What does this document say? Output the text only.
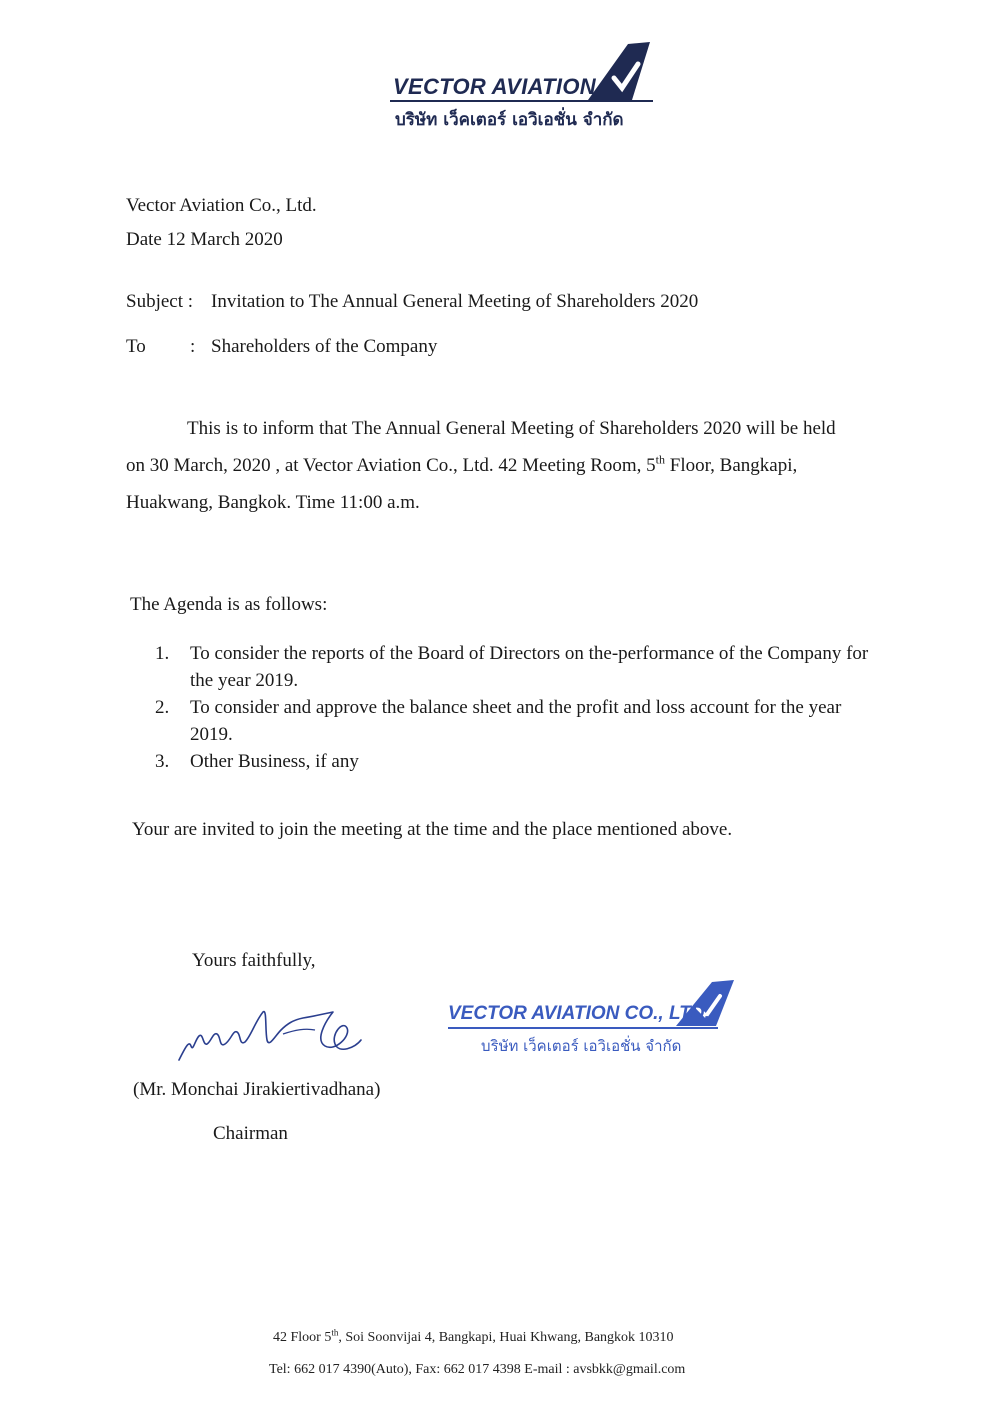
VECTOR AVIATION
บริษัท เว็คเตอร์ เอวิเอชั่น จำกัด
Vector Aviation Co., Ltd.
Date 12 March 2020
Subject : Invitation to The Annual General Meeting of Shareholders 2020
To : Shareholders of the Company
This is to inform that The Annual General Meeting of Shareholders 2020 will be held
on 30 March, 2020 , at Vector Aviation Co., Ltd. 42 Meeting Room, 5th Floor, Bangkapi,
Huakwang, Bangkok. Time 11:00 a.m.
The Agenda is as follows:
1. To consider the reports of the Board of Directors on the-performance of the Company for the year 2019.
2. To consider and approve the balance sheet and the profit and loss account for the year 2019.
3. Other Business, if any
Your are invited to join the meeting at the time and the place mentioned above.
Yours faithfully,
VECTOR AVIATION CO., LTD.
บริษัท เว็คเตอร์ เอวิเอชั่น จำกัด
(Mr. Monchai Jirakiertivadhana)
Chairman
42 Floor 5th, Soi Soonvijai 4, Bangkapi, Huai Khwang, Bangkok 10310
Tel: 662 017 4390(Auto), Fax: 662 017 4398 E-mail : avsbkk@gmail.com
